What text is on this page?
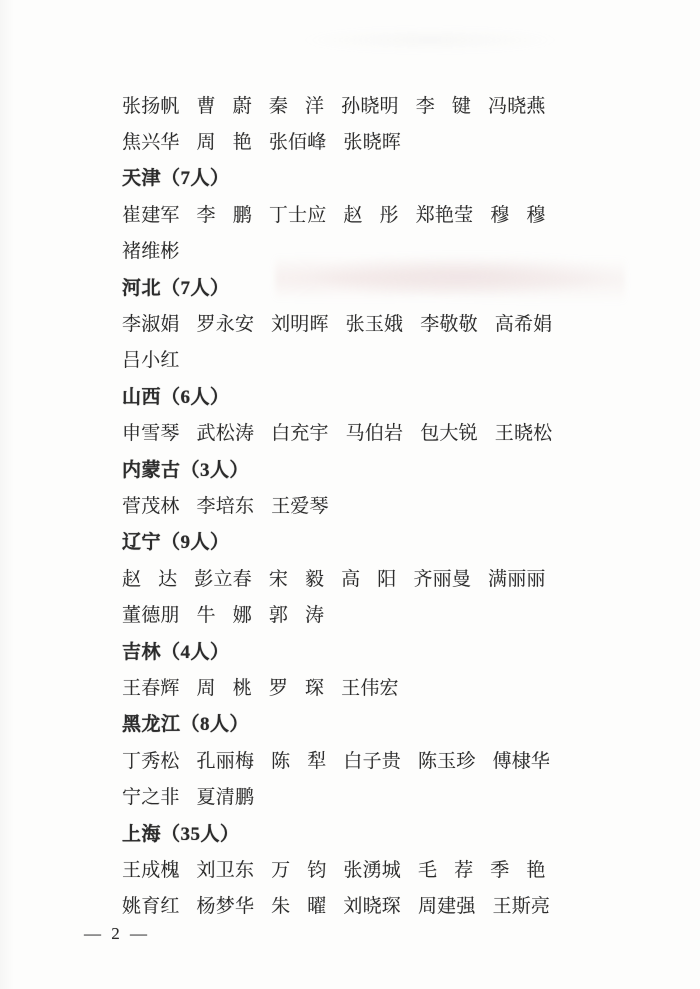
张扬帆 曹 蔚 秦 洋 孙晓明 李 键 冯晓燕
焦兴华 周 艳 张佰峰 张晓晖
天津（7人）
崔建军 李 鹏 丁士应 赵 彤 郑艳莹 穆 穆
褚维彬
河北（7人）
李淑娟 罗永安 刘明晖 张玉娥 李敬敬 高希娟
吕小红
山西（6人）
申雪琴 武松涛 白充宇 马伯岩 包大锐 王晓松
内蒙古（3人）
菅茂林 李培东 王爱琴
辽宁（9人）
赵 达 彭立春 宋 毅 高 阳 齐丽曼 满丽丽
董德朋 牛 娜 郭 涛
吉林（4人）
王春辉 周 桃 罗 琛 王伟宏
黑龙江（8人）
丁秀松 孔丽梅 陈 犁 白子贵 陈玉珍 傅棣华
宁之非 夏清鹏
上海（35人）
王成槐 刘卫东 万 钧 张湧城 毛 荐 季 艳
姚育红 杨梦华 朱 曜 刘晓琛 周建强 王斯亮
— 2 —
